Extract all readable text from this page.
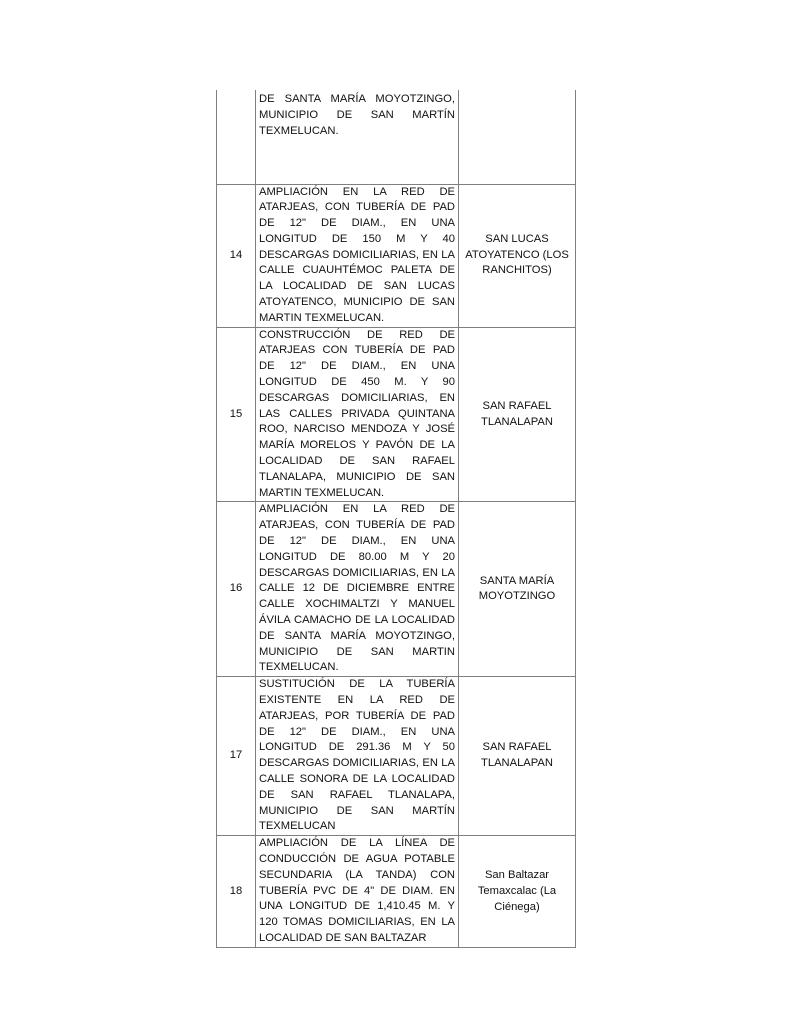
	DE SANTA MARÍA MOYOTZINGO, MUNICIPIO DE SAN MARTÍN TEXMELUCAN.	

14	AMPLIACIÓN EN LA RED DE ATARJEAS, CON TUBERÍA DE PAD DE 12" DE DIAM., EN UNA LONGITUD DE 150 M Y 40 DESCARGAS DOMICILIARIAS, EN LA CALLE CUAUHTÉMOC PALETA DE LA LOCALIDAD DE SAN LUCAS ATOYATENCO, MUNICIPIO DE SAN MARTIN TEXMELUCAN.	SAN LUCAS ATOYATENCO (LOS RANCHITOS)

15	CONSTRUCCIÓN DE RED DE ATARJEAS CON TUBERÍA DE PAD DE 12" DE DIAM., EN UNA LONGITUD DE 450 M. Y 90 DESCARGAS DOMICILIARIAS, EN LAS CALLES PRIVADA QUINTANA ROO, NARCISO MENDOZA Y JOSÉ MARÍA MORELOS Y PAVÓN DE LA LOCALIDAD DE SAN RAFAEL TLANALAPA, MUNICIPIO DE SAN MARTIN TEXMELUCAN.	SAN RAFAEL TLANALAPAN

16	AMPLIACIÓN EN LA RED DE ATARJEAS, CON TUBERÍA DE PAD DE 12" DE DIAM., EN UNA LONGITUD DE 80.00 M Y 20 DESCARGAS DOMICILIARIAS, EN LA CALLE 12 DE DICIEMBRE ENTRE CALLE XOCHIMALTZI Y MANUEL ÁVILA CAMACHO DE LA LOCALIDAD DE SANTA MARÍA MOYOTZINGO, MUNICIPIO DE SAN MARTIN TEXMELUCAN.	SANTA MARÍA MOYOTZINGO

17	SUSTITUCIÓN DE LA TUBERÍA EXISTENTE EN LA RED DE ATARJEAS, POR TUBERÍA DE PAD DE 12" DE DIAM., EN UNA LONGITUD DE 291.36 M Y 50 DESCARGAS DOMICILIARIAS, EN LA CALLE SONORA DE LA LOCALIDAD DE SAN RAFAEL TLANALAPA, MUNICIPIO DE SAN MARTÍN TEXMELUCAN	SAN RAFAEL TLANALAPAN

18	AMPLIACIÓN DE LA LÍNEA DE CONDUCCIÓN DE AGUA POTABLE SECUNDARIA (LA TANDA) CON TUBERÍA PVC DE 4" DE DIAM. EN UNA LONGITUD DE 1,410.45 M. Y 120 TOMAS DOMICILIARIAS, EN LA LOCALIDAD DE SAN BALTAZAR	San Baltazar Temaxcalac (La Ciénega)
